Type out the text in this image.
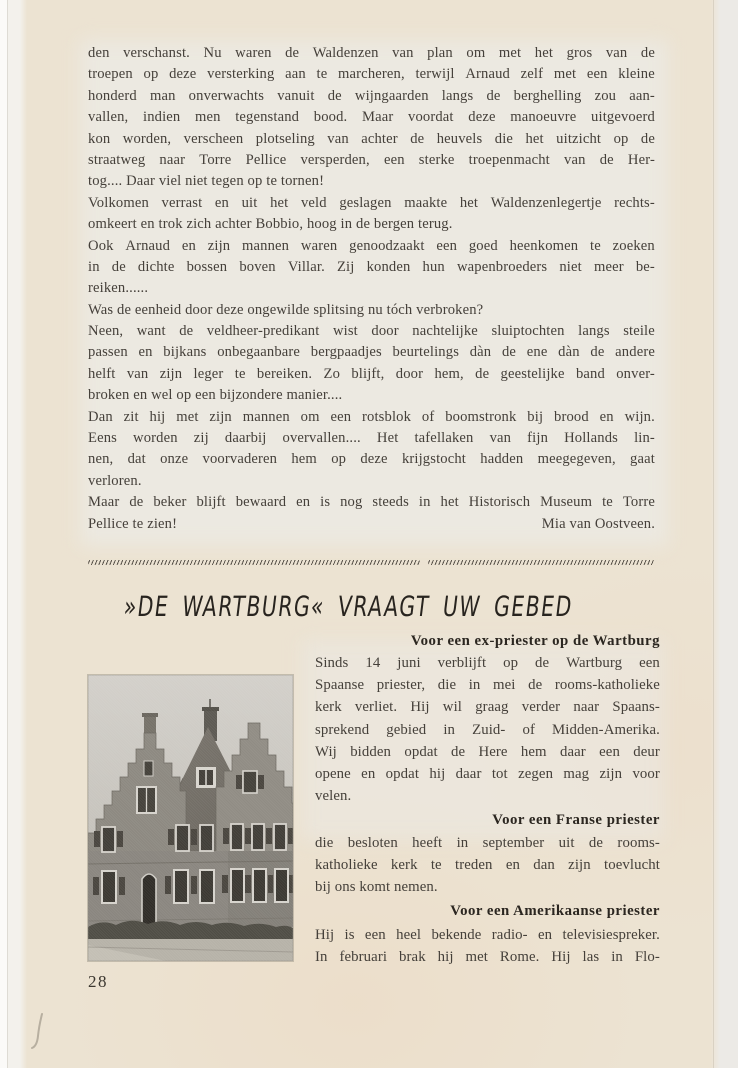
den verschanst. Nu waren de Waldenzen van plan om met het gros van de
troepen op deze versterking aan te marcheren, terwijl Arnaud zelf met een kleine
honderd man onverwachts vanuit de wijngaarden langs de berghelling zou aan-
vallen, indien men tegenstand bood. Maar voordat deze manoeuvre uitgevoerd
kon worden, verscheen plotseling van achter de heuvels die het uitzicht op de
straatweg naar Torre Pellice versperden, een sterke troepenmacht van de Her-
tog.... Daar viel niet tegen op te tornen!
Volkomen verrast en uit het veld geslagen maakte het Waldenzenlegertje rechts-
omkeert en trok zich achter Bobbio, hoog in de bergen terug.
Ook Arnaud en zijn mannen waren genoodzaakt een goed heenkomen te zoeken
in de dichte bossen boven Villar. Zij konden hun wapenbroeders niet meer be-
reiken......
Was de eenheid door deze ongewilde splitsing nu tóch verbroken?
Neen, want de veldheer-predikant wist door nachtelijke sluiptochten langs steile
passen en bijkans onbegaanbare bergpaadjes beurtelings dàn de ene dàn de andere
helft van zijn leger te bereiken. Zo blijft, door hem, de geestelijke band onver-
broken en wel op een bijzondere manier....
Dan zit hij met zijn mannen om een rotsblok of boomstronk bij brood en wijn.
Eens worden zij daarbij overvallen.... Het tafellaken van fijn Hollands lin-
nen, dat onze voorvaderen hem op deze krijgstocht hadden meegegeven, gaat
verloren.
Maar de beker blijft bewaard en is nog steeds in het Historisch Museum te Torre
Pellice te zien!	Mia van Oostveen.
»DE WARTBURG« VRAAGT UW GEBED
Voor een ex-priester op de Wartburg
Sinds 14 juni verblijft op de Wartburg een
Spaanse priester, die in mei de rooms-katholieke
kerk verliet. Hij wil graag verder naar Spaans-
sprekend gebied in Zuid- of Midden-Amerika.
Wij bidden opdat de Here hem daar een deur
opene en opdat hij daar tot zegen mag zijn voor
velen.
Voor een Franse priester
die besloten heeft in september uit de rooms-
katholieke kerk te treden en dan zijn toevlucht
bij ons komt nemen.
Voor een Amerikaanse priester
Hij is een heel bekende radio- en televisiespreker.
In februari brak hij met Rome. Hij las in Flo-
28
